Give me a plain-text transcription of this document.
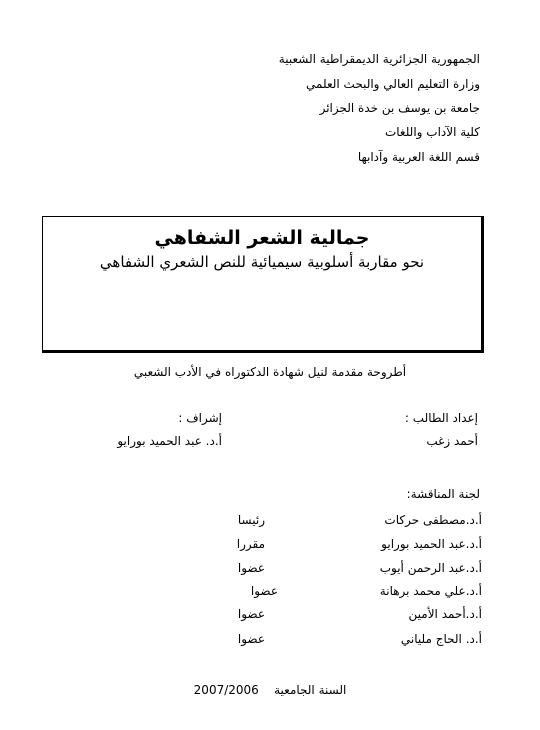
الجمهورية الجزائرية الديمقراطية الشعبية
وزارة التعليم العالي والبحث العلمي
جامعة بن يوسف بن خدة الجزائر
كلية الآداب واللغات
قسم اللغة العربية وآدابها
جمالية الشعر الشفاهي
نحو مقاربة أسلوبية سيميائية للنص الشعري الشفاهي
أطروحة مقدمة لنيل شهادة الدكتوراه في الأدب الشعبي
إعداد الطالب :
إشراف :
أحمد زغب
أ.د. عبد الحميد بورايو
لجنة المناقشة:
أ.د.مصطفى حركات
رئيسا
أ.د.عبد الحميد بورايو
مقررا
أ.د.عبد الرحمن أيوب
عضوا
أ.د.علي محمد برهانة
عضوا
أ.د.أحمد الأمين
عضوا
أ.د. الحاج ملياني
عضوا
السنة الجامعية    2007/2006
